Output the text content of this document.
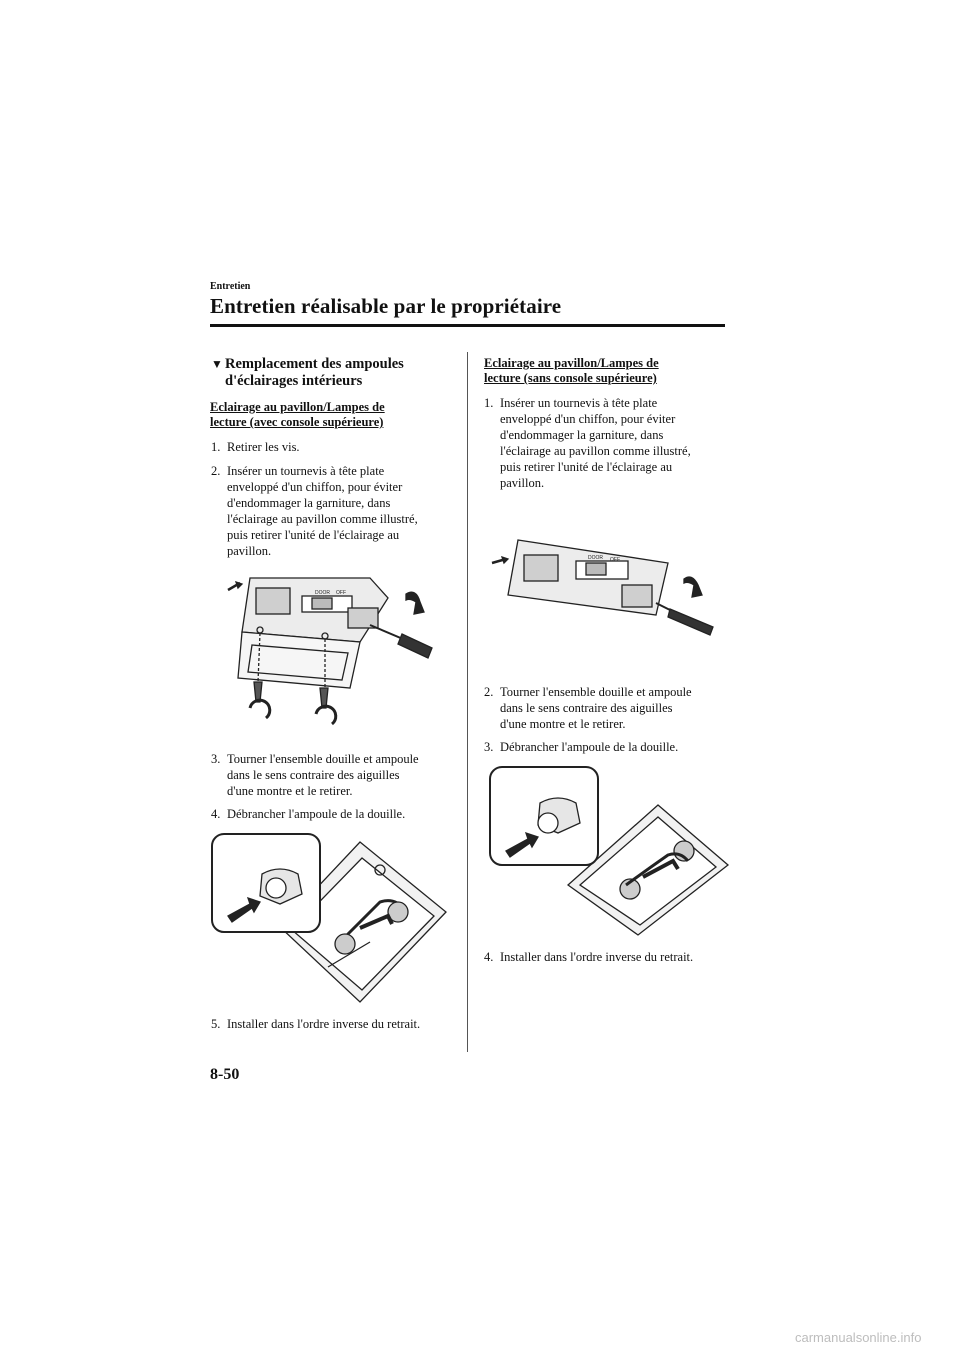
Entretien
Entretien réalisable par le propriétaire
▼ Remplacement des ampoules
d'éclairages intérieurs
Eclairage au pavillon/Lampes de
lecture (avec console supérieure)
1. Retirer les vis.
2. Insérer un tournevis à tête plate
enveloppé d'un chiffon, pour éviter
d'endommager la garniture, dans
l'éclairage au pavillon comme illustré,
puis retirer l'unité de l'éclairage au
pavillon.
DOOR OFF
3. Tourner l'ensemble douille et ampoule
dans le sens contraire des aiguilles
d'une montre et le retirer.
4. Débrancher l'ampoule de la douille.
5. Installer dans l'ordre inverse du retrait.
Eclairage au pavillon/Lampes de
lecture (sans console supérieure)
1. Insérer un tournevis à tête plate
enveloppé d'un chiffon, pour éviter
d'endommager la garniture, dans
l'éclairage au pavillon comme illustré,
puis retirer l'unité de l'éclairage au
pavillon.
DOOR OFF
2. Tourner l'ensemble douille et ampoule
dans le sens contraire des aiguilles
d'une montre et le retirer.
3. Débrancher l'ampoule de la douille.
4. Installer dans l'ordre inverse du retrait.
8-50
carmanualsonline.info
